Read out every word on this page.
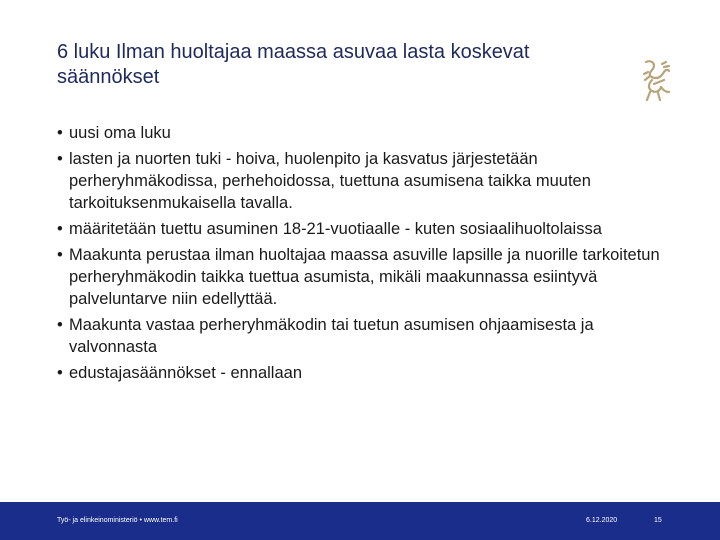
6 luku Ilman huoltajaa maassa asuvaa lasta koskevat säännökset
• uusi oma luku
• lasten ja nuorten tuki - hoiva, huolenpito ja kasvatus järjestetään perheryhmäkodissa, perhehoidossa, tuettuna asumisena taikka muuten tarkoituksenmukaisella tavalla.
• määritetään tuettu asuminen 18-21-vuotiaalle - kuten sosiaalihuoltolaissa
• Maakunta perustaa ilman huoltajaa maassa asuville lapsille ja nuorille tarkoitetun perheryhmäkodin taikka tuettua asumista, mikäli maakunnassa esiintyvä palveluntarve niin edellyttää.
• Maakunta vastaa perheryhmäkodin tai tuetun asumisen ohjaamisesta ja valvonnasta
• edustajasäännökset - ennallaan
Työ- ja elinkeinoministeriö • www.tem.fi	6.12.2020	15
